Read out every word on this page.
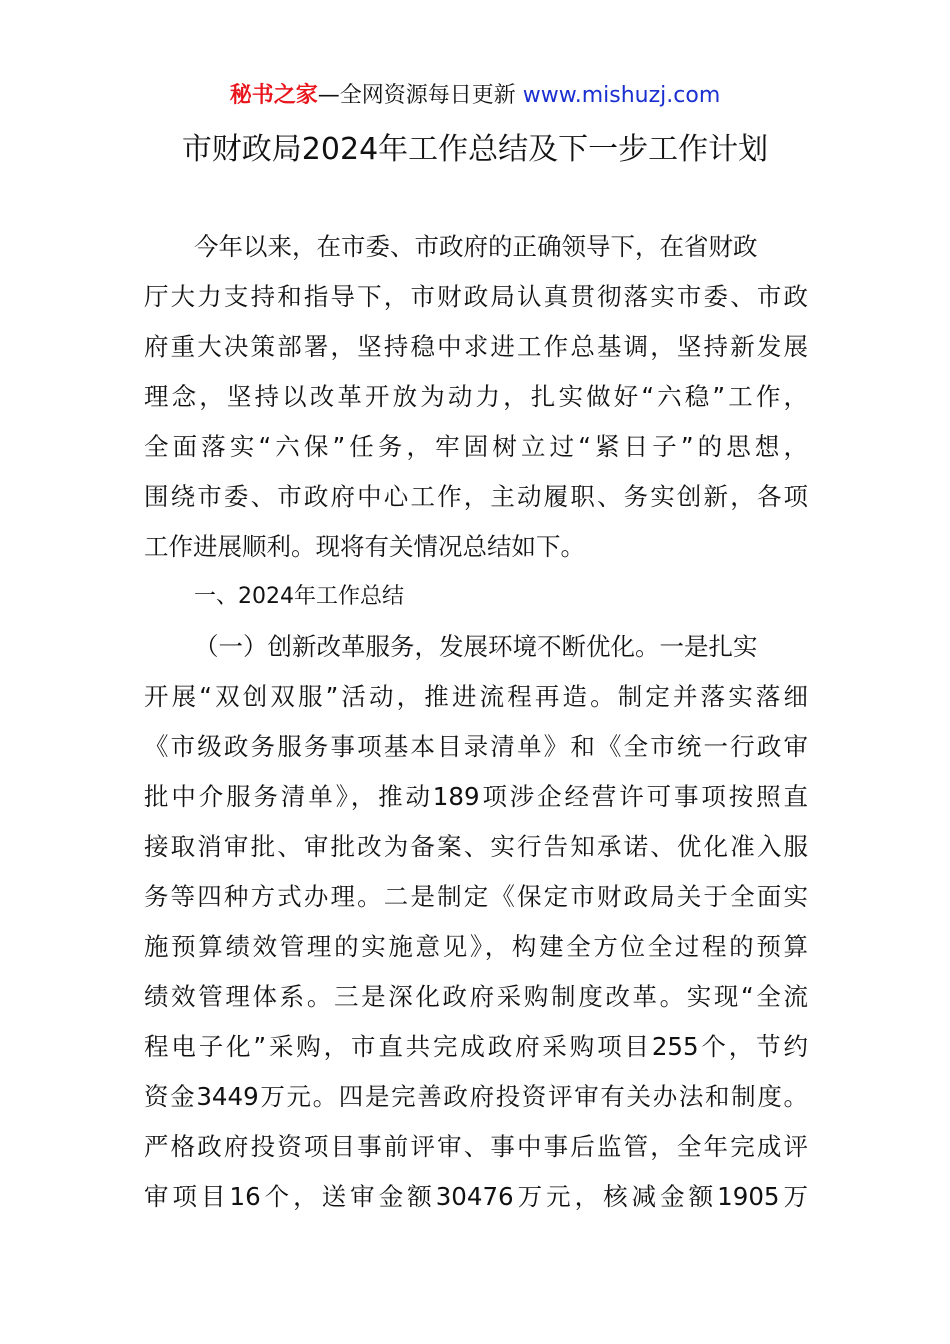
秘书之家—全网资源每日更新 www.mishuzj.com
市财政局2024年工作总结及下一步工作计划
今年以来，在市委、市政府的正确领导下，在省财政
厅大力支持和指导下，市财政局认真贯彻落实市委、市政
府重大决策部署，坚持稳中求进工作总基调，坚持新发展
理念，坚持以改革开放为动力，扎实做好“六稳”工作，
全面落实“六保”任务，牢固树立过“紧日子”的思想，
围绕市委、市政府中心工作，主动履职、务实创新，各项
工作进展顺利。现将有关情况总结如下。
一、2024年工作总结
（一）创新改革服务，发展环境不断优化。一是扎实
开展“双创双服”活动，推进流程再造。制定并落实落细
《市级政务服务事项基本目录清单》和《全市统一行政审
批中介服务清单》，推动189项涉企经营许可事项按照直
接取消审批、审批改为备案、实行告知承诺、优化准入服
务等四种方式办理。二是制定《保定市财政局关于全面实
施预算绩效管理的实施意见》，构建全方位全过程的预算
绩效管理体系。三是深化政府采购制度改革。实现“全流
程电子化”采购，市直共完成政府采购项目255个，节约
资金3449万元。四是完善政府投资评审有关办法和制度。
严格政府投资项目事前评审、事中事后监管，全年完成评
审项目16个，送审金额30476万元，核减金额1905万
